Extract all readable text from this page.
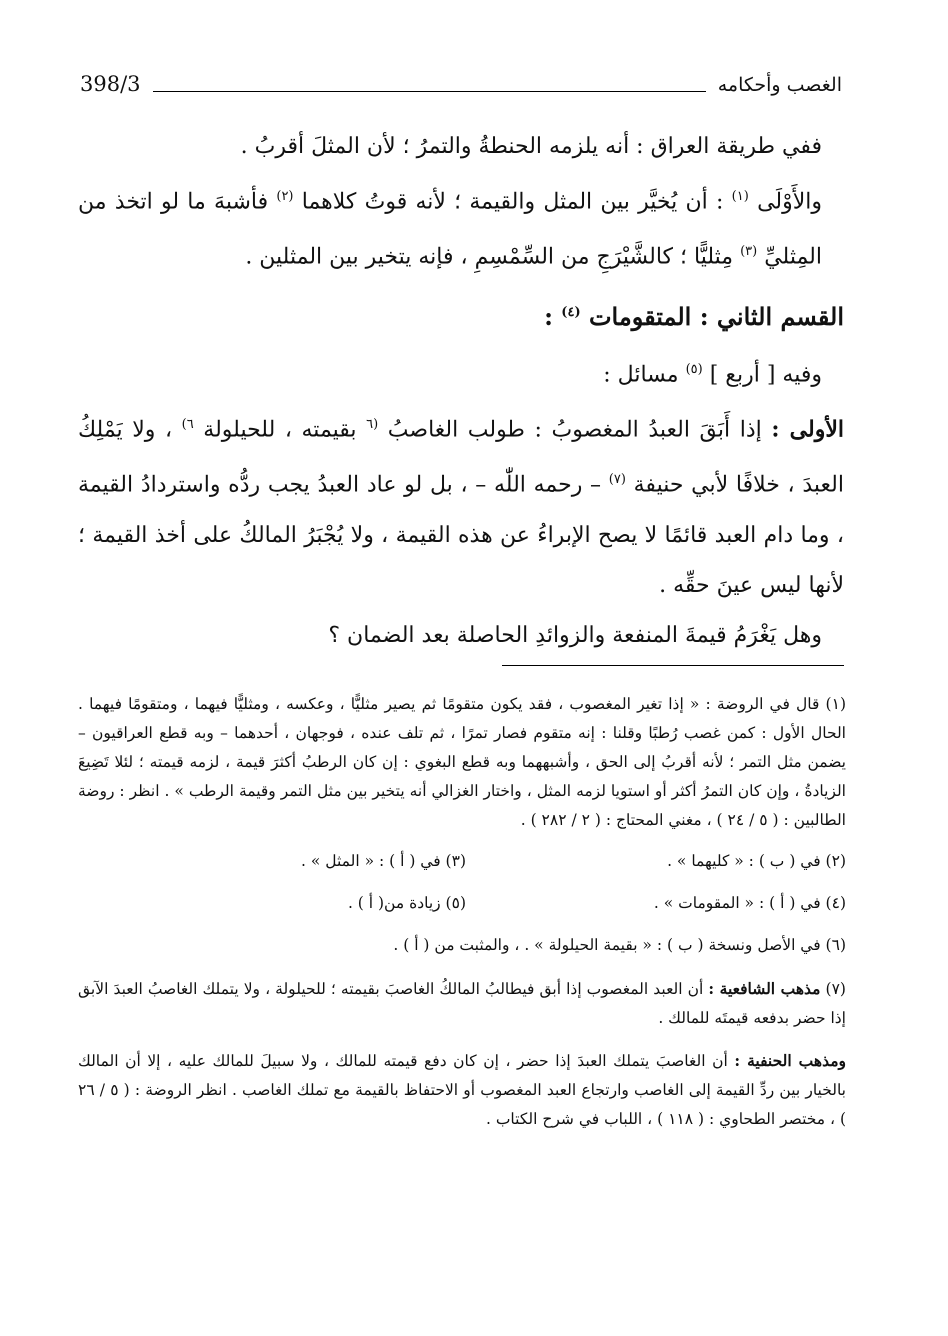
398/3	الغصب وأحكامه

ففي طريقة العراق : أنه يلزمه الحنطةُ والتمرُ ؛ لأن المثلَ أقربُ .

والأَوْلَى $^{(١)}$ : أن يُخيَّر بين المثل والقيمة ؛ لأنه قوتُ كلاهما $^{(٢)}$ فأشبهَ ما لو اتخذ من المِثليِّ $^{(٣)}$ مِثليًّا ؛ كالشَّيْرَجِ من السِّمْسِمِ ، فإنه يتخير بين المثلين .

القسم الثاني : المتقومات $^{(٤)}$ :

وفيه [ أربع ] $^{(٥)}$ مسائل :

الأولى : إذا أَبَقَ العبدُ المغصوبُ : طولب الغاصبُ $^{(٦}$ بقيمته ، للحيلولة $^{٦)}$ ، ولا يَمْلِكُ العبدَ ، خلافًا لأبي حنيفة $^{(٧)}$ – رحمه اللّٰه – ، بل لو عاد العبدُ يجب ردُّه واستردادُ القيمة ، وما دام العبد قائمًا لا يصح الإبراءُ عن هذه القيمة ، ولا يُجْبَرُ المالكُ على أخذ القيمة ؛ لأنها ليس عينَ حقِّه .

وهل يَغْرَمُ قيمةَ المنفعة والزوائدِ الحاصلة بعد الضمان ؟

(١) قال في الروضة : « إذا تغير المغصوب ، فقد يكون متقومًا ثم يصير مثليًّا ، وعكسه ، ومثليًّا فيهما ، ومتقومًا فيهما . الحال الأول : كمن غصب رُطبًا وقلنا : إنه متقوم فصار تمرًا ، ثم تلف عنده ، فوجهان ، أحدهما – وبه قطع العراقيون – يضمن مثل التمر ؛ لأنه أقربُ إلى الحق ، وأشبههما وبه قطع البغوي : إن كان الرطبُ أكثرَ قيمة ، لزمه قيمته ؛ لئلا تَضِيعَ الزيادةُ ، وإن كان التمرُ أكثر أو استويا لزمه المثل ، واختار الغزالي أنه يتخير بين مثل التمر وقيمة الرطب » . انظر : روضة الطالبين : ( ٥ / ٢٤ ) ، مغني المحتاج : ( ٢ / ٢٨٢ ) .

(٢) في ( ب ) : « كليهما » .
(٣) في ( أ ) : « المثل » .
(٤) في ( أ ) : « المقومات » .
(٥) زيادة من( أ ) .
(٦) في الأصل ونسخة ( ب ) : « بقيمة الحيلولة » . ، والمثبت من ( أ ) .

(٧) مذهب الشافعية : أن العبد المغصوب إذا أبق فيطالبُ المالكُ الغاصبَ بقيمته ؛ للحيلولة ، ولا يتملك الغاصبُ العبدَ الآبق إذا حضر بدفعه قيمتَه للمالك .

ومذهب الحنفية : أن الغاصبَ يتملك العبدَ إذا حضر ، إن كان دفع قيمته للمالك ، ولا سبيلَ للمالك عليه ، إلا أن المالك بالخيار بين ردِّ القيمة إلى الغاصب وارتجاع العبد المغصوب أو الاحتفاظ بالقيمة مع تملك الغاصب . انظر الروضة : ( ٥ / ٢٦ ) ، مختصر الطحاوي : ( ١١٨ ) ، اللباب في شرح الكتاب .
